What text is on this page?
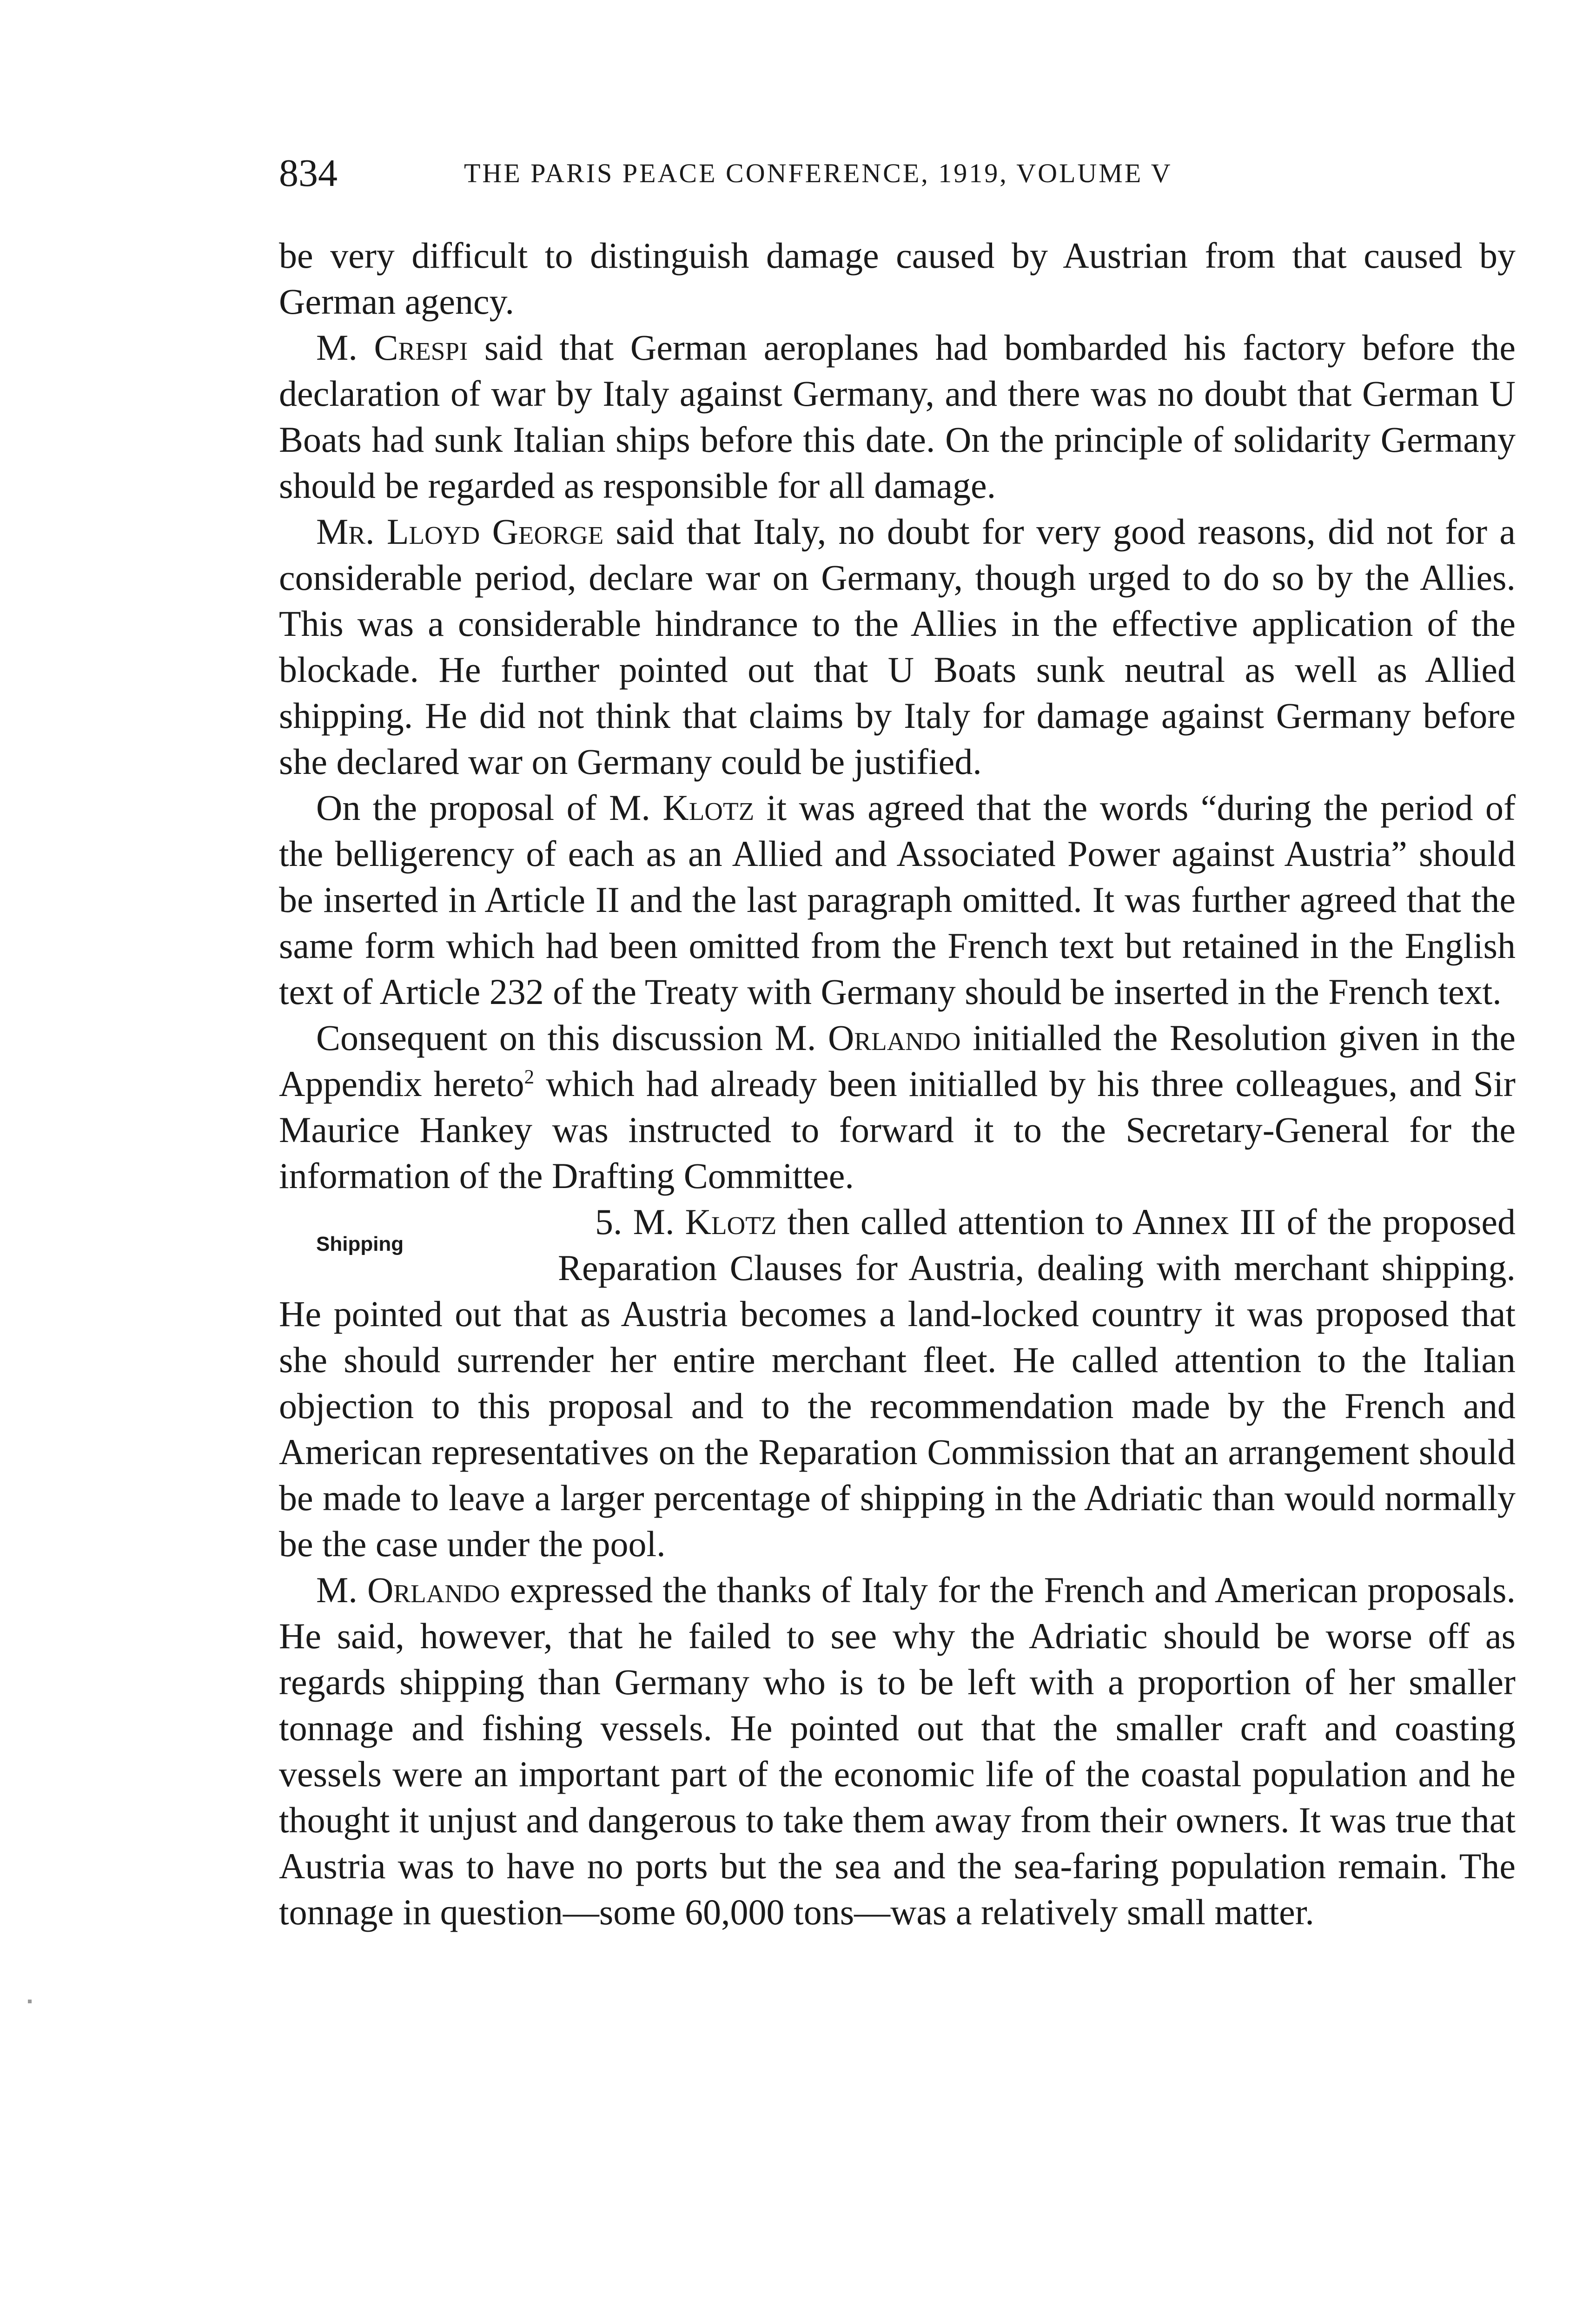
834	THE PARIS PEACE CONFERENCE, 1919, VOLUME V

be very difficult to distinguish damage caused by Austrian from that caused by German agency.

M. Crespi said that German aeroplanes had bombarded his factory before the declaration of war by Italy against Germany, and there was no doubt that German U Boats had sunk Italian ships before this date. On the principle of solidarity Germany should be regarded as responsible for all damage.

Mr. Lloyd George said that Italy, no doubt for very good reasons, did not for a considerable period, declare war on Germany, though urged to do so by the Allies. This was a considerable hindrance to the Allies in the effective application of the blockade. He further pointed out that U Boats sunk neutral as well as Allied shipping. He did not think that claims by Italy for damage against Germany before she declared war on Germany could be justified.

On the proposal of M. Klotz it was agreed that the words “during the period of the belligerency of each as an Allied and Associated Power against Austria” should be inserted in Article II and the last paragraph omitted. It was further agreed that the same form which had been omitted from the French text but retained in the English text of Article 232 of the Treaty with Germany should be inserted in the French text.

Consequent on this discussion M. Orlando initialled the Resolution given in the Appendix hereto$^2$ which had already been initialled by his three colleagues, and Sir Maurice Hankey was instructed to forward it to the Secretary-General for the information of the Drafting Committee.

Shipping
5. M. Klotz then called attention to Annex III of the proposed Reparation Clauses for Austria, dealing with merchant shipping. He pointed out that as Austria becomes a land-locked country it was proposed that she should surrender her entire merchant fleet. He called attention to the Italian objection to this proposal and to the recommendation made by the French and American representatives on the Reparation Commission that an arrangement should be made to leave a larger percentage of shipping in the Adriatic than would normally be the case under the pool.

M. Orlando expressed the thanks of Italy for the French and American proposals. He said, however, that he failed to see why the Adriatic should be worse off as regards shipping than Germany who is to be left with a proportion of her smaller tonnage and fishing vessels. He pointed out that the smaller craft and coasting vessels were an important part of the economic life of the coastal population and he thought it unjust and dangerous to take them away from their owners. It was true that Austria was to have no ports but the sea and the sea-faring population remain. The tonnage in question—some 60,000 tons—was a relatively small matter.
